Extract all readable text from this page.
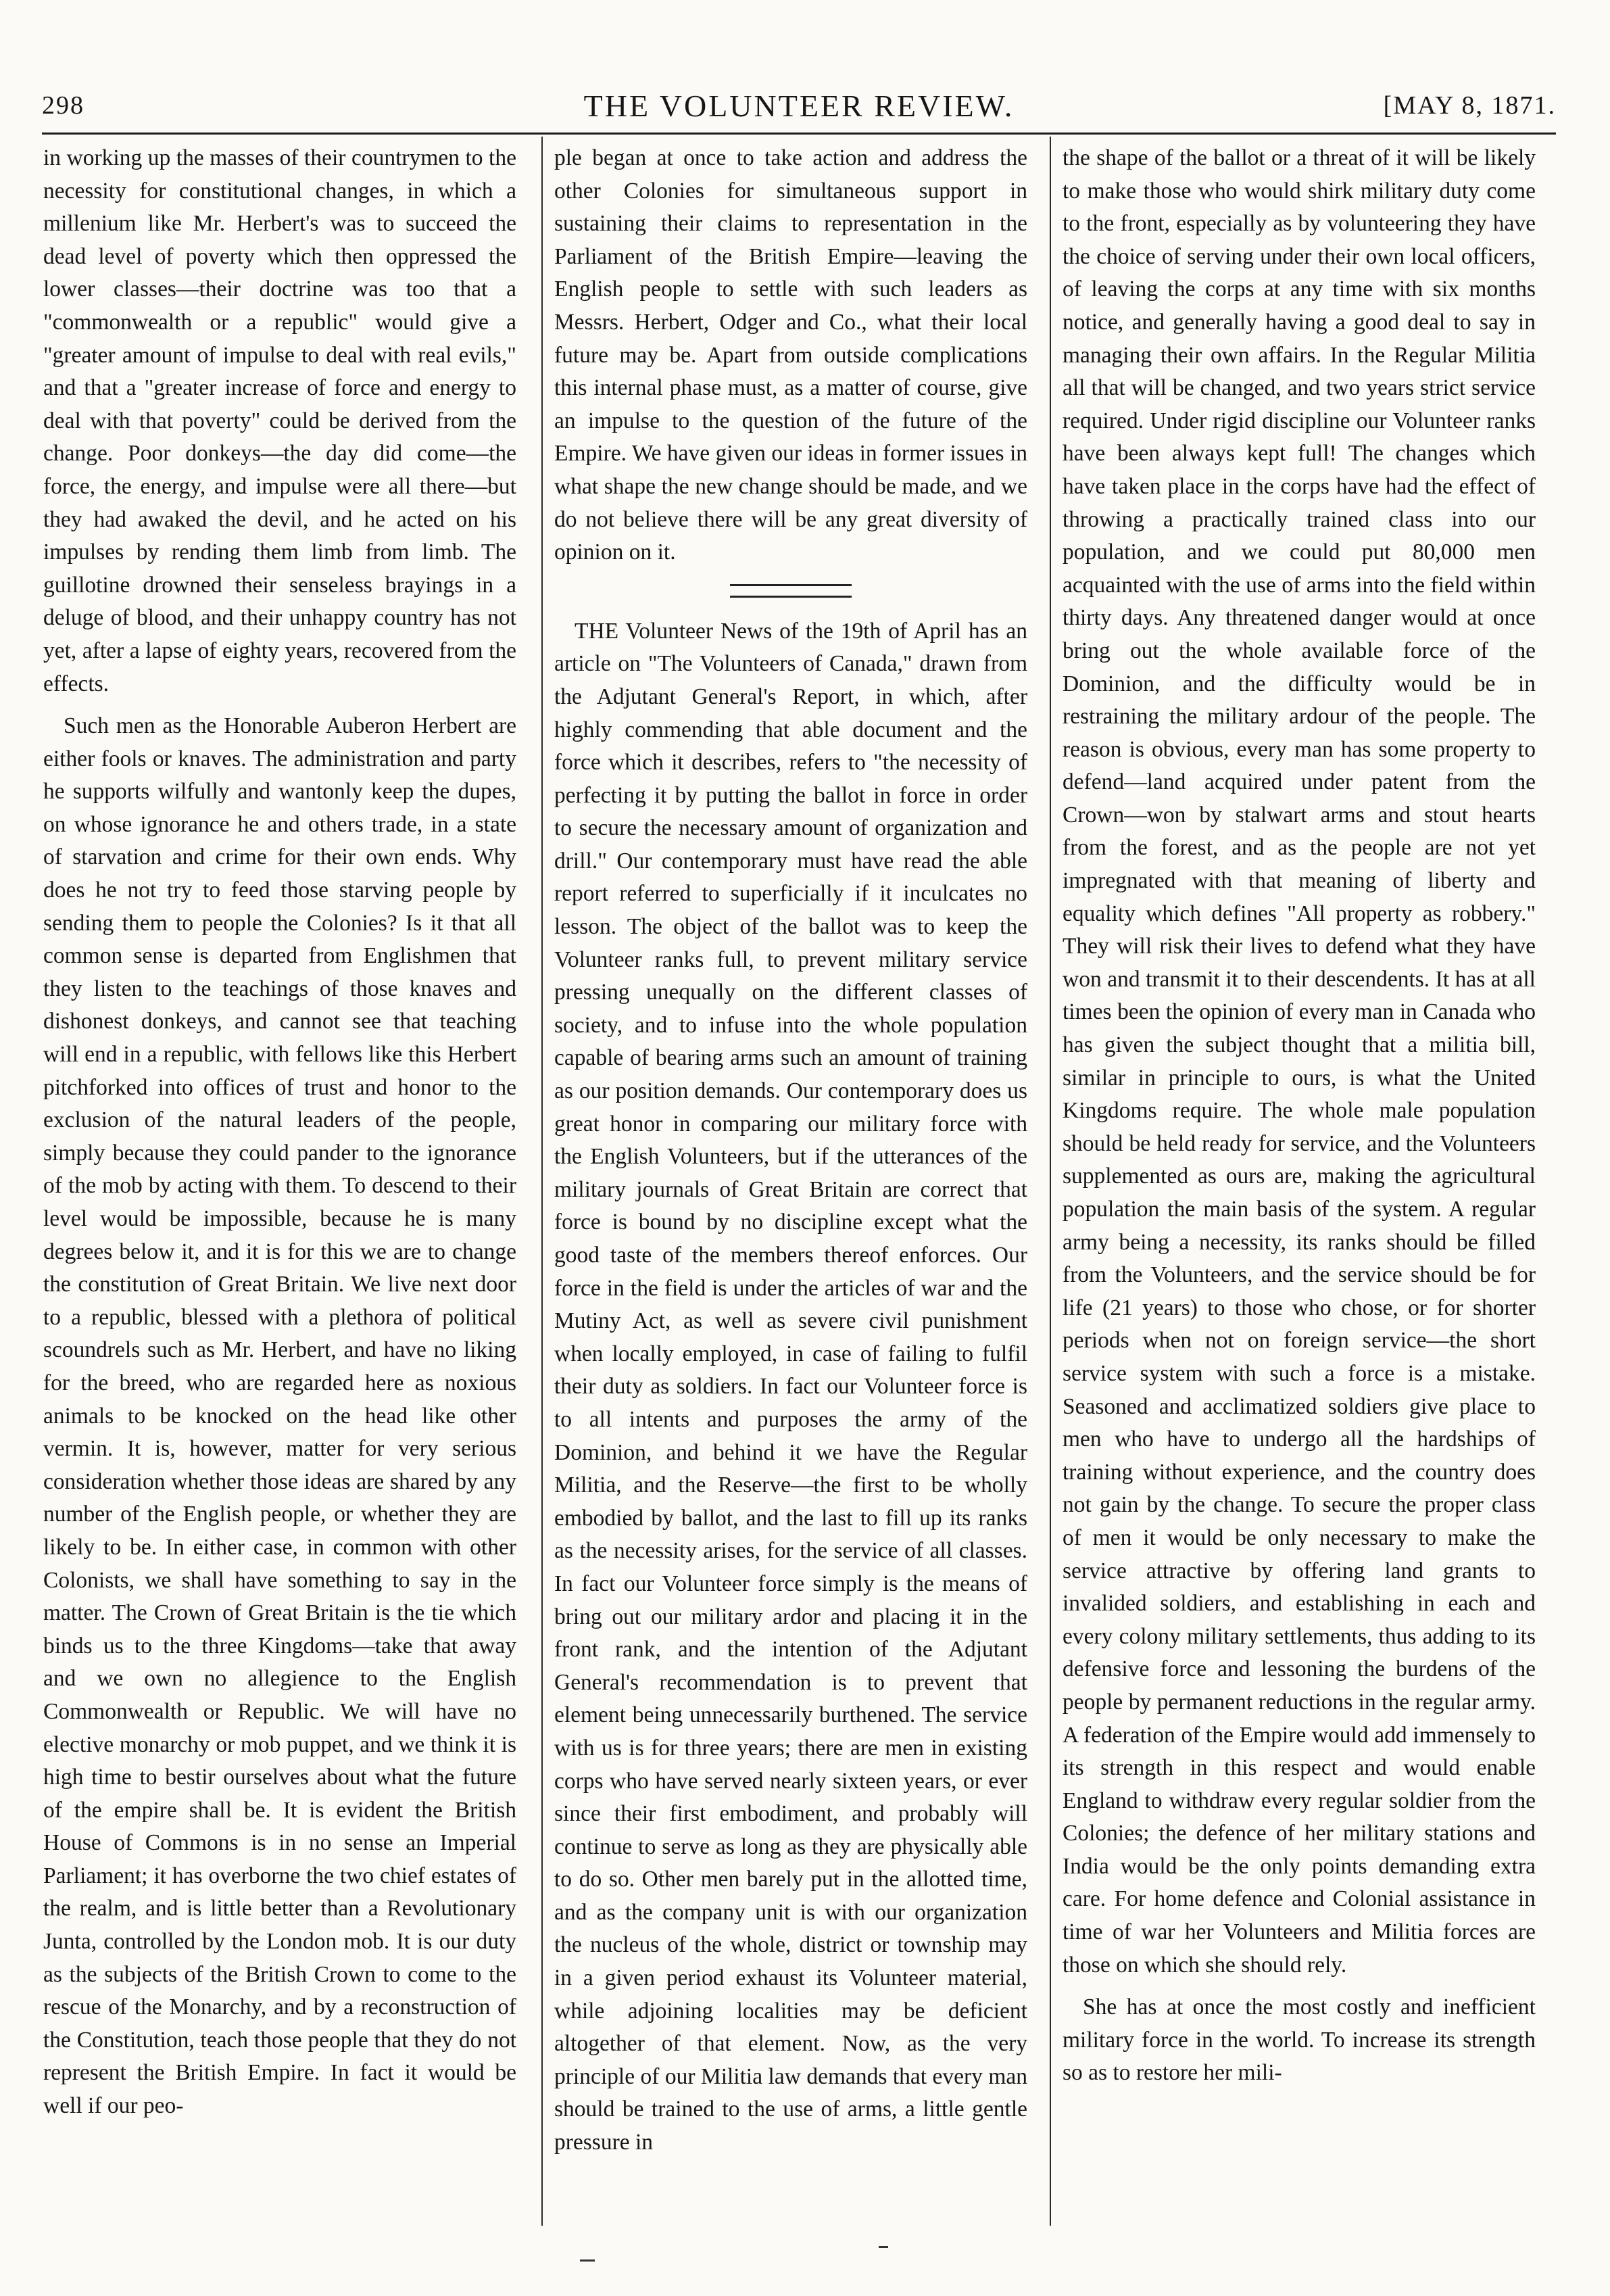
298	THE VOLUNTEER REVIEW.	[MAY 8, 1871.

in working up the masses of their countrymen to the necessity for constitutional changes, in which a millenium like Mr. Herbert's was to succeed the dead level of poverty which then oppressed the lower classes—their doctrine was too that a "commonwealth or a republic" would give a "greater amount of impulse to deal with real evils," and that a "greater increase of force and energy to deal with that poverty" could be derived from the change. Poor donkeys—the day did come—the force, the energy, and impulse were all there—but they had awaked the devil, and he acted on his impulses by rending them limb from limb. The guillotine drowned their senseless brayings in a deluge of blood, and their unhappy country has not yet, after a lapse of eighty years, recovered from the effects.

Such men as the Honorable Auberon Herbert are either fools or knaves. The administration and party he supports wilfully and wantonly keep the dupes, on whose ignorance he and others trade, in a state of starvation and crime for their own ends. Why does he not try to feed those starving people by sending them to people the Colonies? Is it that all common sense is departed from Englishmen that they listen to the teachings of those knaves and dishonest donkeys, and cannot see that teaching will end in a republic, with fellows like this Herbert pitchforked into offices of trust and honor to the exclusion of the natural leaders of the people, simply because they could pander to the ignorance of the mob by acting with them. To descend to their level would be impossible, because he is many degrees below it, and it is for this we are to change the constitution of Great Britain. We live next door to a republic, blessed with a plethora of political scoundrels such as Mr. Herbert, and have no liking for the breed, who are regarded here as noxious animals to be knocked on the head like other vermin. It is, however, matter for very serious consideration whether those ideas are shared by any number of the English people, or whether they are likely to be. In either case, in common with other Colonists, we shall have something to say in the matter. The Crown of Great Britain is the tie which binds us to the three Kingdoms—take that away and we own no allegience to the English Commonwealth or Republic. We will have no elective monarchy or mob puppet, and we think it is high time to bestir ourselves about what the future of the empire shall be. It is evident the British House of Commons is in no sense an Imperial Parliament; it has overborne the two chief estates of the realm, and is little better than a Revolutionary Junta, controlled by the London mob. It is our duty as the subjects of the British Crown to come to the rescue of the Monarchy, and by a reconstruction of the Constitution, teach those people that they do not represent the British Empire. In fact it would be well if our peo-

ple began at once to take action and address the other Colonies for simultaneous support in sustaining their claims to representation in the Parliament of the British Empire—leaving the English people to settle with such leaders as Messrs. Herbert, Odger and Co., what their local future may be. Apart from outside complications this internal phase must, as a matter of course, give an impulse to the question of the future of the Empire. We have given our ideas in former issues in what shape the new change should be made, and we do not believe there will be any great diversity of opinion on it.

THE Volunteer News of the 19th of April has an article on "The Volunteers of Canada," drawn from the Adjutant General's Report, in which, after highly commending that able document and the force which it describes, refers to "the necessity of perfecting it by putting the ballot in force in order to secure the necessary amount of organization and drill." Our contemporary must have read the able report referred to superficially if it inculcates no lesson. The object of the ballot was to keep the Volunteer ranks full, to prevent military service pressing unequally on the different classes of society, and to infuse into the whole population capable of bearing arms such an amount of training as our position demands. Our contemporary does us great honor in comparing our military force with the English Volunteers, but if the utterances of the military journals of Great Britain are correct that force is bound by no discipline except what the good taste of the members thereof enforces. Our force in the field is under the articles of war and the Mutiny Act, as well as severe civil punishment when locally employed, in case of failing to fulfil their duty as soldiers. In fact our Volunteer force is to all intents and purposes the army of the Dominion, and behind it we have the Regular Militia, and the Reserve—the first to be wholly embodied by ballot, and the last to fill up its ranks as the necessity arises, for the service of all classes. In fact our Volunteer force simply is the means of bring out our military ardor and placing it in the front rank, and the intention of the Adjutant General's recommendation is to prevent that element being unnecessarily burthened. The service with us is for three years; there are men in existing corps who have served nearly sixteen years, or ever since their first embodiment, and probably will continue to serve as long as they are physically able to do so. Other men barely put in the allotted time, and as the company unit is with our organization the nucleus of the whole, district or township may in a given period exhaust its Volunteer material, while adjoining localities may be deficient altogether of that element. Now, as the very principle of our Militia law demands that every man should be trained to the use of arms, a little gentle pressure in

the shape of the ballot or a threat of it will be likely to make those who would shirk military duty come to the front, especially as by volunteering they have the choice of serving under their own local officers, of leaving the corps at any time with six months notice, and generally having a good deal to say in managing their own affairs. In the Regular Militia all that will be changed, and two years strict service required. Under rigid discipline our Volunteer ranks have been always kept full! The changes which have taken place in the corps have had the effect of throwing a practically trained class into our population, and we could put 80,000 men acquainted with the use of arms into the field within thirty days. Any threatened danger would at once bring out the whole available force of the Dominion, and the difficulty would be in restraining the military ardour of the people. The reason is obvious, every man has some property to defend—land acquired under patent from the Crown—won by stalwart arms and stout hearts from the forest, and as the people are not yet impregnated with that meaning of liberty and equality which defines "All property as robbery." They will risk their lives to defend what they have won and transmit it to their descendents. It has at all times been the opinion of every man in Canada who has given the subject thought that a militia bill, similar in principle to ours, is what the United Kingdoms require. The whole male population should be held ready for service, and the Volunteers supplemented as ours are, making the agricultural population the main basis of the system. A regular army being a necessity, its ranks should be filled from the Volunteers, and the service should be for life (21 years) to those who chose, or for shorter periods when not on foreign service—the short service system with such a force is a mistake. Seasoned and acclimatized soldiers give place to men who have to undergo all the hardships of training without experience, and the country does not gain by the change. To secure the proper class of men it would be only necessary to make the service attractive by offering land grants to invalided soldiers, and establishing in each and every colony military settlements, thus adding to its defensive force and lessoning the burdens of the people by permanent reductions in the regular army. A federation of the Empire would add immensely to its strength in this respect and would enable England to withdraw every regular soldier from the Colonies; the defence of her military stations and India would be the only points demanding extra care. For home defence and Colonial assistance in time of war her Volunteers and Militia forces are those on which she should rely.

She has at once the most costly and inefficient military force in the world. To increase its strength so as to restore her mili-
